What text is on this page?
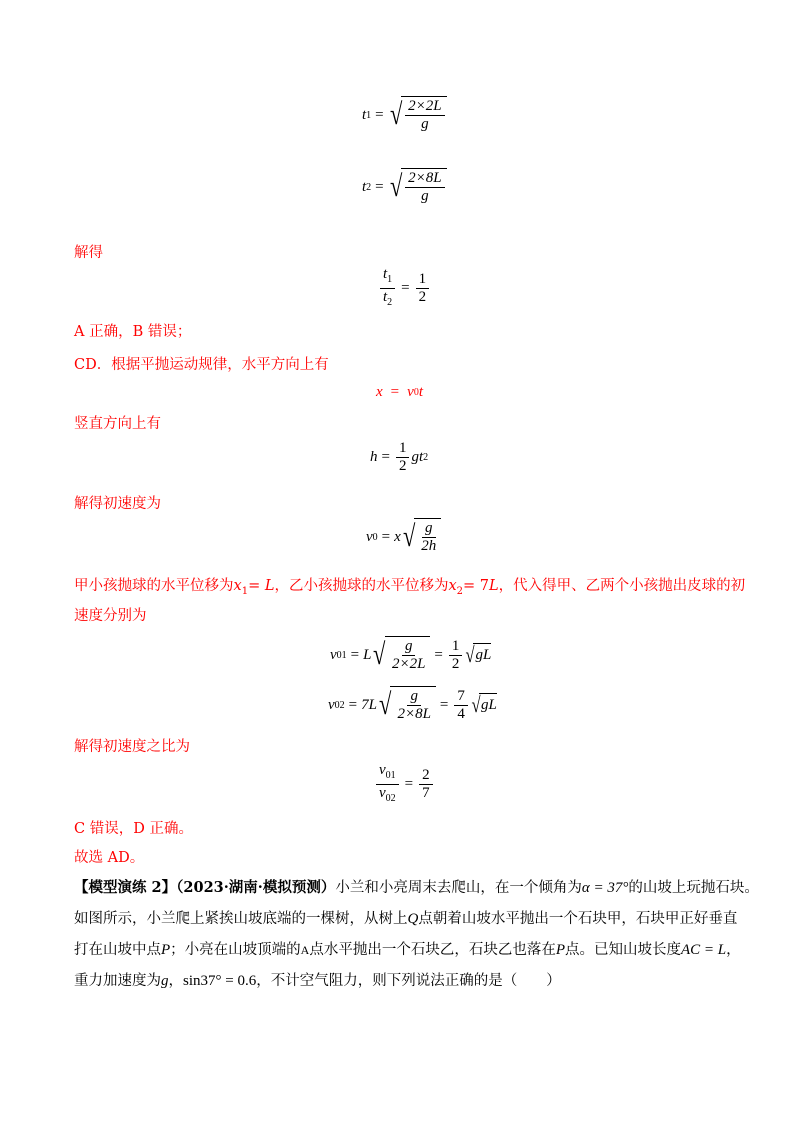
t 1 = √ $\frac{2\times 2L}{g}$
t 2 = √ $\frac{2\times 8L}{g}$
解得
$\frac{t_1}{t_2} = \frac{1}{2}$
A 正确，B 错误；
CD．根据平抛运动规律，水平方向上有
x = v 0 t
竖直方向上有
$h = \frac{1}{2}$ gt 2
解得初速度为
v 0 = x √ $\frac{g}{2h}$
甲小孩抛球的水平位移为$x_1= L$，乙小孩抛球的水平位移为$x_2= 7L$，代入得甲、乙两个小孩抛出皮球的初
速度分别为
v 01 = L √ $\frac{g}{2\times 2L} = \frac{1}{2}$ √ gL
v 02 = 7L √ $\frac{g}{2\times 8L} = \frac{7}{4}$ √ gL
解得初速度之比为
$\frac{v_{01}}{v_{02}} = \frac{2}{7}$
C 错误，D 正确。
故选 AD。
【模型演练 2】（2023·湖南·模拟预测）小兰和小亮周末去爬山，在一个倾角为α = 37°的山坡上玩抛石块。
如图所示，小兰爬上紧挨山坡底端的一棵树，从树上Q点朝着山坡水平抛出一个石块甲，石块甲正好垂直
打在山坡中点P；小亮在山坡顶端的A点水平抛出一个石块乙，石块乙也落在P点。已知山坡长度AC = L，
重力加速度为g，sin37° = 0.6，不计空气阻力，则下列说法正确的是（　　）
